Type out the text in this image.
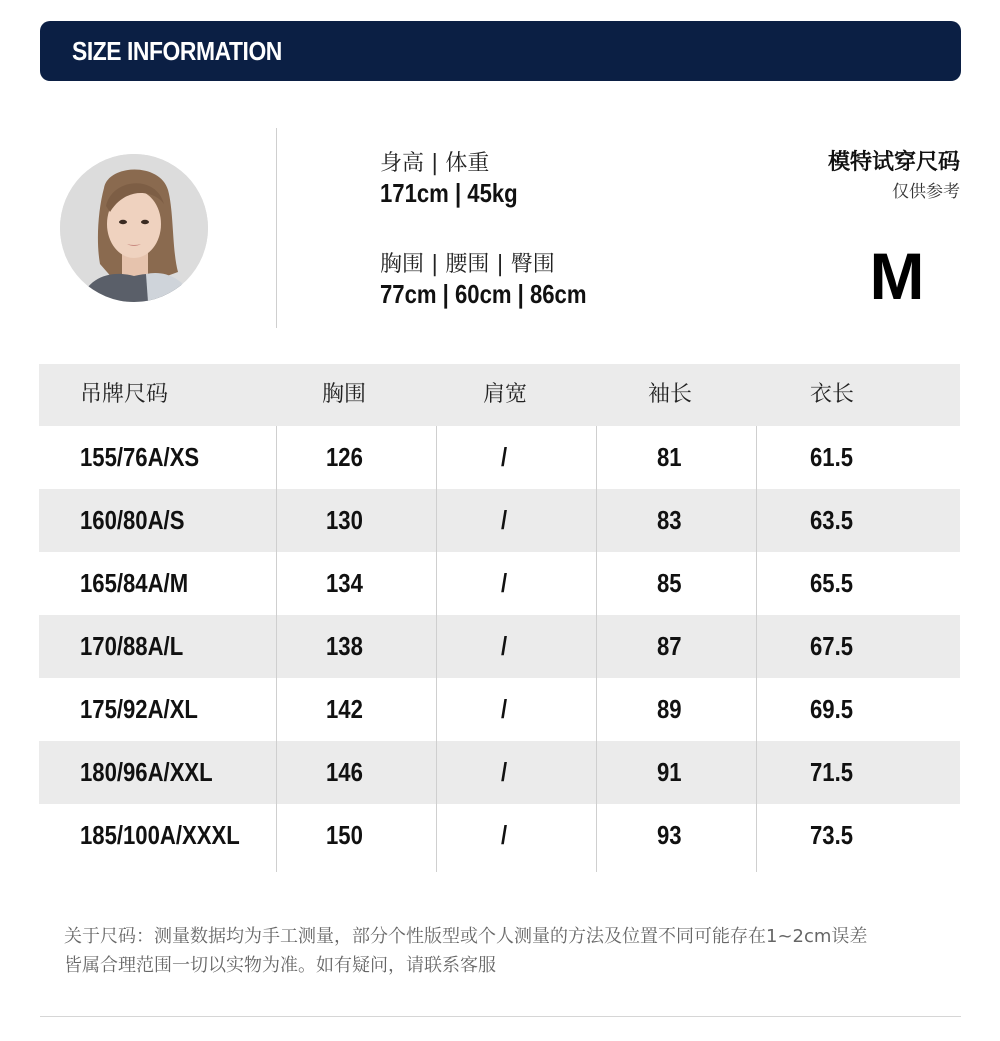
SIZE INFORMATION
身高 | 体重
171cm | 45kg
胸围 | 腰围 | 臀围
77cm | 60cm | 86cm
模特试穿尺码
仅供参考
M
吊牌尺码	胸围	肩宽	袖长	衣长
155/76A/XS	126	/	81	61.5
160/80A/S	130	/	83	63.5
165/84A/M	134	/	85	65.5
170/88A/L	138	/	87	67.5
175/92A/XL	142	/	89	69.5
180/96A/XXL	146	/	91	71.5
185/100A/XXXL	150	/	93	73.5
关于尺码：测量数据均为手工测量，部分个性版型或个人测量的方法及位置不同可能存在1~2cm误差
皆属合理范围一切以实物为准。如有疑问，请联系客服
